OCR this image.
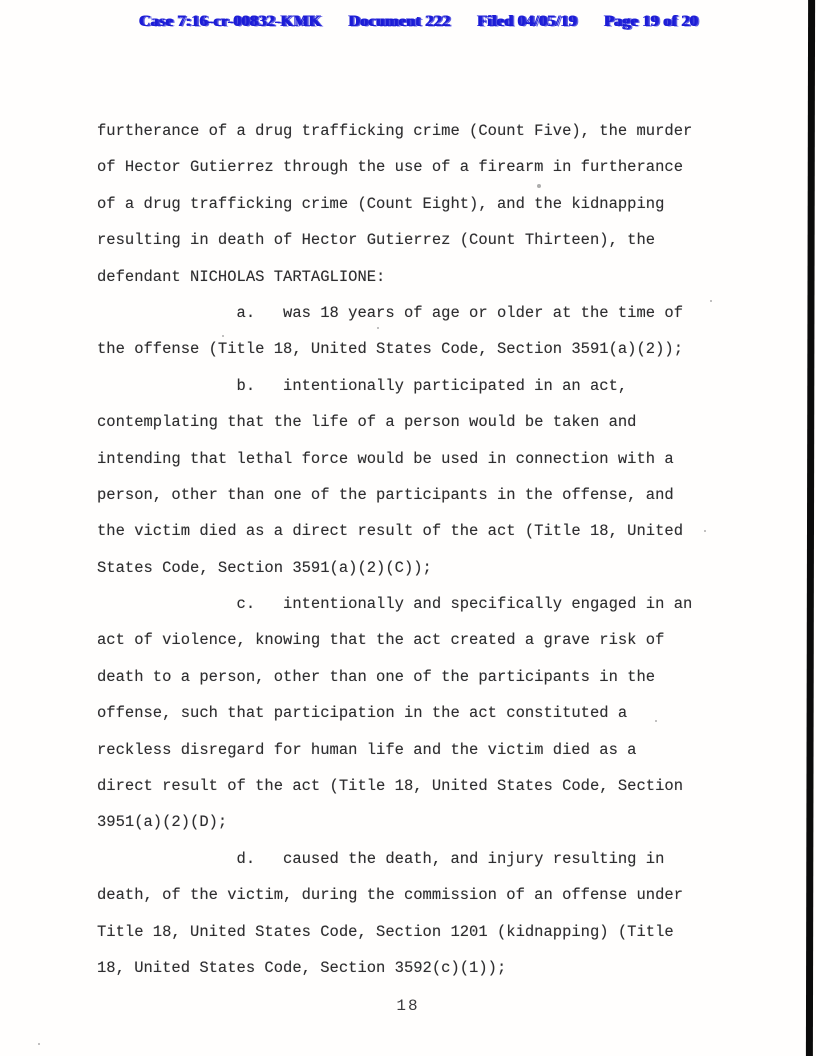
Case 7:16-cr-00832-KMK Document 222 Filed 04/05/19 Page 19 of 20
furtherance of a drug trafficking crime (Count Five), the murder
of Hector Gutierrez through the use of a firearm in furtherance
of a drug trafficking crime (Count Eight), and the kidnapping
resulting in death of Hector Gutierrez (Count Thirteen), the
defendant NICHOLAS TARTAGLIONE:
a.   was 18 years of age or older at the time of
the offense (Title 18, United States Code, Section 3591(a)(2));
b.   intentionally participated in an act,
contemplating that the life of a person would be taken and
intending that lethal force would be used in connection with a
person, other than one of the participants in the offense, and
the victim died as a direct result of the act (Title 18, United
States Code, Section 3591(a)(2)(C));
c.   intentionally and specifically engaged in an
act of violence, knowing that the act created a grave risk of
death to a person, other than one of the participants in the
offense, such that participation in the act constituted a
reckless disregard for human life and the victim died as a
direct result of the act (Title 18, United States Code, Section
3951(a)(2)(D);
d.   caused the death, and injury resulting in
death, of the victim, during the commission of an offense under
Title 18, United States Code, Section 1201 (kidnapping) (Title
18, United States Code, Section 3592(c)(1));
18
